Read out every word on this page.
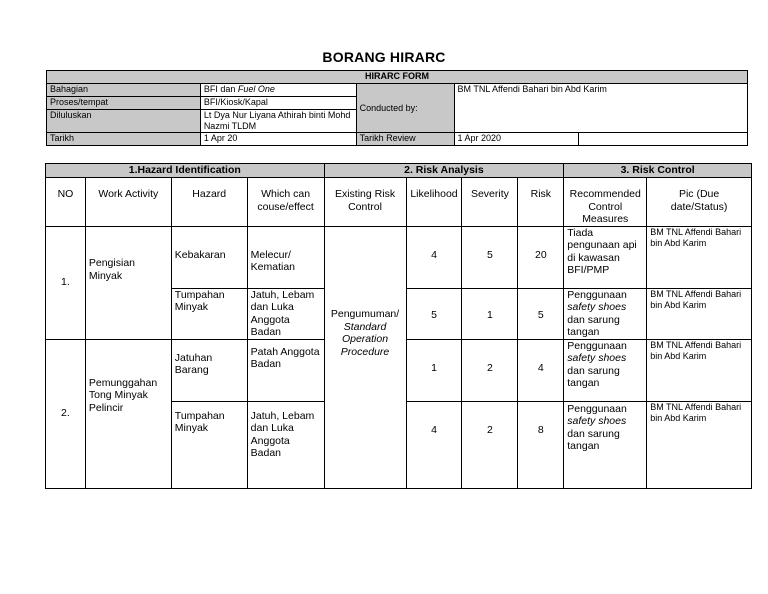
BORANG HIRARC
HIRARC FORM				
Bahagian	BFI dan Fuel One	Conducted by:	BM TNL Affendi Bahari bin Abd Karim	
Proses/tempat	BFI/Kiosk/Kapal			
Diluluskan	Lt Dya Nur Liyana Athirah binti Mohd Nazmi TLDM			
Tarikh	1 Apr 20	Tarikh Review	1 Apr 2020	
1.Hazard Identification				2. Risk Analysis				3. Risk Control	
NO	Work Activity	Hazard	Which can couse/effect	Existing Risk Control	Likelihood	Severity	Risk	Recommended Control Measures	Pic (Due date/Status)
1.	Pengisian Minyak	Kebakaran	Melecur/ Kematian	Pengumuman/
Standard Operation Procedure	4	5	20	Tiada pengunaan api di kawasan BFI/PMP	BM TNL Affendi Bahari bin Abd Karim
		Tumpahan Minyak	Jatuh, Lebam dan Luka Anggota Badan		5	1	5	Penggunaan
safety shoes
dan sarung tangan	BM TNL Affendi Bahari bin Abd Karim
2.	Pemunggahan Tong Minyak Pelincir	Jatuhan Barang	Patah Anggota Badan		1	2	4	Penggunaan
safety shoes
dan sarung tangan	BM TNL Affendi Bahari bin Abd Karim
		Tumpahan Minyak	Jatuh, Lebam dan Luka Anggota Badan		4	2	8	Penggunaan
safety shoes
dan sarung tangan	BM TNL Affendi Bahari bin Abd Karim
